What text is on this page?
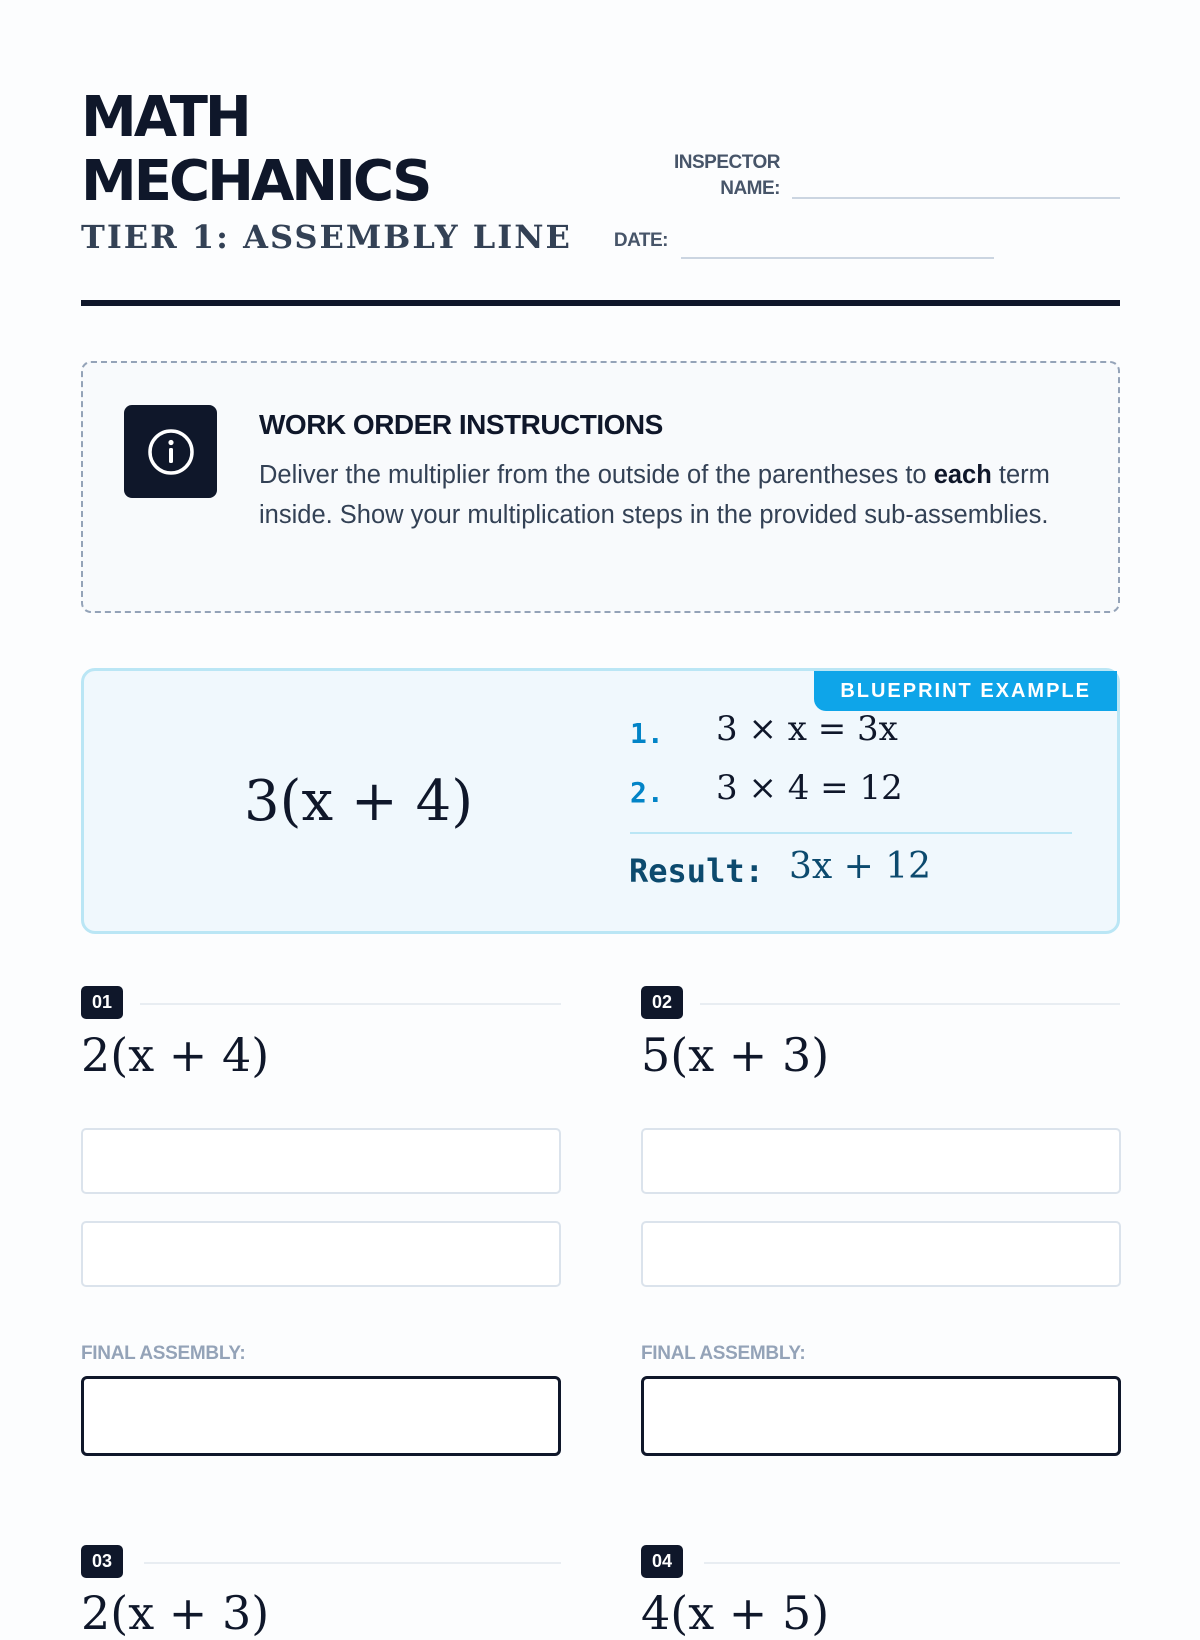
MATH
MECHANICS
TIER 1: ASSEMBLY LINE
INSPECTOR
NAME:
DATE:
WORK ORDER INSTRUCTIONS
Deliver the multiplier from the outside of the parentheses to each term inside. Show your multiplication steps in the provided sub-assemblies.
BLUEPRINT EXAMPLE
3(x + 4)
1. 3 × x = 3x
2. 3 × 4 = 12
Result: 3x + 12
01
2(x + 4)
FINAL ASSEMBLY:
02
5(x + 3)
FINAL ASSEMBLY:
03
2(x + 3)
04
4(x + 5)
